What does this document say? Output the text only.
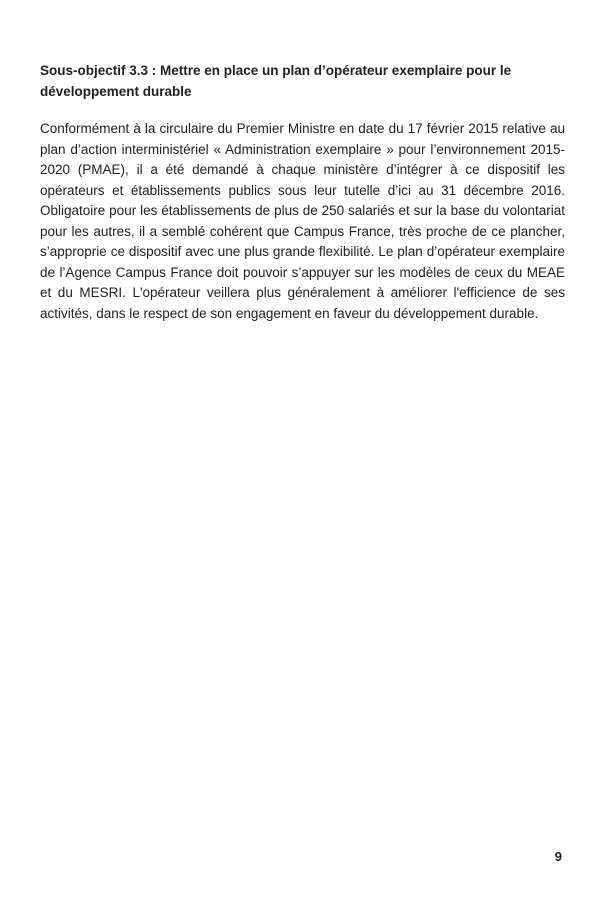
Sous-objectif 3.3 : Mettre en place un plan d’opérateur exemplaire pour le développement durable

Conformément à la circulaire du Premier Ministre en date du 17 février 2015 relative au plan d’action interministériel « Administration exemplaire » pour l’environnement 2015-2020 (PMAE), il a été demandé à chaque ministère d’intégrer à ce dispositif les opérateurs et établissements publics sous leur tutelle d’ici au 31 décembre 2016. Obligatoire pour les établissements de plus de 250 salariés et sur la base du volontariat pour les autres, il a semblé cohérent que Campus France, très proche de ce plancher, s’approprie ce dispositif avec une plus grande flexibilité. Le plan d’opérateur exemplaire de l’Agence Campus France doit pouvoir s’appuyer sur les modèles de ceux du MEAE et du MESRI. L'opérateur veillera plus généralement à améliorer l'efficience de ses activités, dans le respect de son engagement en faveur du développement durable.

9
